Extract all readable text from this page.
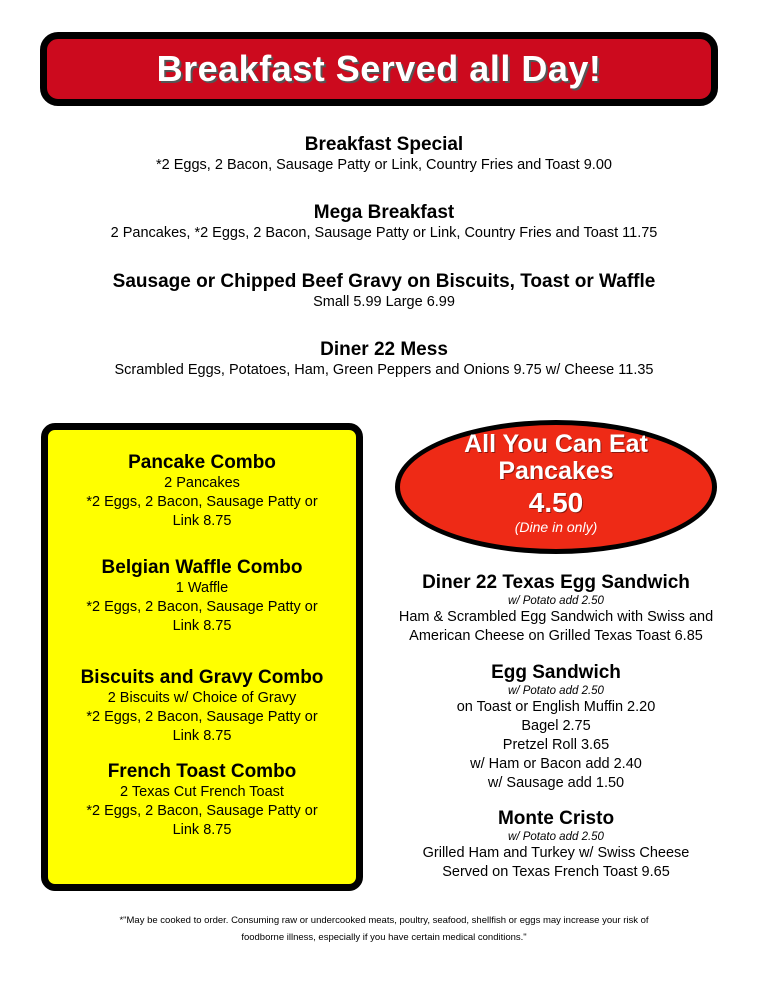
Breakfast Served all Day!
Breakfast Special
*2 Eggs, 2 Bacon, Sausage Patty or Link, Country Fries and Toast 9.00
Mega Breakfast
2 Pancakes, *2 Eggs, 2 Bacon, Sausage Patty or Link, Country Fries and Toast 11.75
Sausage or Chipped Beef Gravy on Biscuits, Toast or Waffle
Small 5.99 Large 6.99
Diner 22 Mess
Scrambled Eggs, Potatoes, Ham, Green Peppers and Onions 9.75 w/ Cheese 11.35
Pancake Combo
2 Pancakes
*2 Eggs, 2 Bacon, Sausage Patty or
Link 8.75
Belgian Waffle Combo
1 Waffle
*2 Eggs, 2 Bacon, Sausage Patty or
Link 8.75
Biscuits and Gravy Combo
2 Biscuits w/ Choice of Gravy
*2 Eggs, 2 Bacon, Sausage Patty or
Link 8.75
French Toast Combo
2 Texas Cut French Toast
*2 Eggs, 2 Bacon, Sausage Patty or
Link 8.75
All You Can Eat
Pancakes
4.50
(Dine in only)
Diner 22 Texas Egg Sandwich
w/ Potato add 2.50
Ham & Scrambled Egg Sandwich with Swiss and
American Cheese on Grilled Texas Toast 6.85
Egg Sandwich
w/ Potato add 2.50
on Toast or English Muffin 2.20
Bagel 2.75
Pretzel Roll 3.65
w/ Ham or Bacon add 2.40
w/ Sausage add 1.50
Monte Cristo
w/ Potato add 2.50
Grilled Ham and Turkey w/ Swiss Cheese
Served on Texas French Toast 9.65
*"May be cooked to order. Consuming raw or undercooked meats, poultry, seafood, shellfish or eggs may increase your risk of
foodborne illness, especially if you have certain medical conditions."
